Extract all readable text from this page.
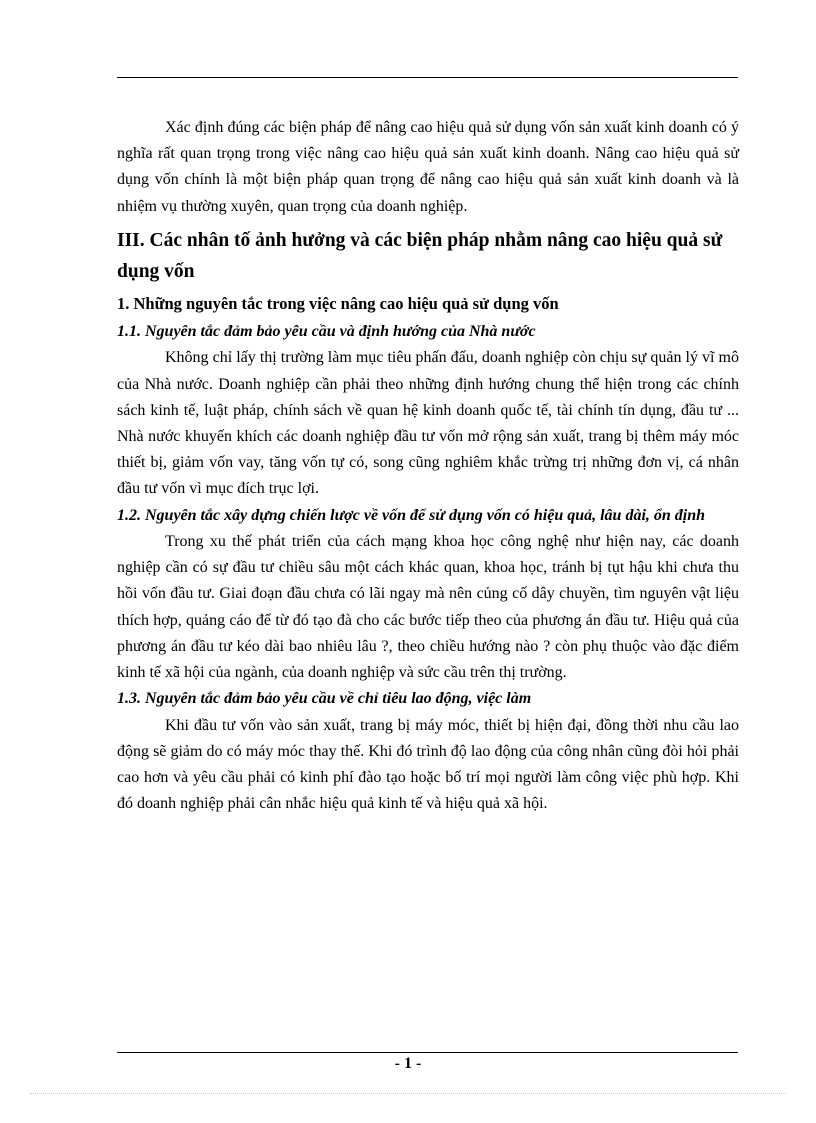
Xác định đúng các biện pháp để nâng cao hiệu quả sử dụng vốn sản xuất kinh doanh có ý nghĩa rất quan trọng trong việc nâng cao hiệu quả sản xuất kinh doanh. Nâng cao hiệu quả sử dụng vốn chính là một biện pháp quan trọng để nâng cao hiệu quả sản xuất kinh doanh và là nhiệm vụ thường xuyên, quan trọng của doanh nghiệp.

III. Các nhân tố ảnh hưởng và các biện pháp nhằm nâng cao hiệu quả sử dụng vốn
1. Những nguyên tắc trong việc nâng cao hiệu quả sử dụng vốn
1.1. Nguyên tắc đảm bảo yêu cầu và định hướng của Nhà nước

Không chỉ lấy thị trường làm mục tiêu phấn đấu, doanh nghiệp còn chịu sự quản lý vĩ mô của Nhà nước. Doanh nghiệp cần phải theo những định hướng chung thể hiện trong các chính sách kinh tế, luật pháp, chính sách về quan hệ kinh doanh quốc tế, tài chính tín dụng, đầu tư ... Nhà nước khuyến khích các doanh nghiệp đầu tư vốn mở rộng sản xuất, trang bị thêm máy móc thiết bị, giảm vốn vay, tăng vốn tự có, song cũng nghiêm khắc trừng trị những đơn vị, cá nhân đầu tư vốn vì mục đích trục lợi.

1.2. Nguyên tắc xây dựng chiến lược về vốn để sử dụng vốn có hiệu quả, lâu dài, ổn định

Trong xu thế phát triển của cách mạng khoa học công nghệ như hiện nay, các doanh nghiệp cần có sự đầu tư chiều sâu một cách khác quan, khoa học, tránh bị tụt hậu khi chưa thu hồi vốn đầu tư. Giai đoạn đầu chưa có lãi ngay mà nên củng cố dây chuyền, tìm nguyên vật liệu thích hợp, quảng cáo để từ đó tạo đà cho các bước tiếp theo của phương án đầu tư. Hiệu quả của phương án đầu tư kéo dài bao nhiêu lâu ?, theo chiều hướng nào ? còn phụ thuộc vào đặc điểm kinh tế xã hội của ngành, của doanh nghiệp và sức cầu trên thị trường.

1.3. Nguyên tắc đảm bảo yêu cầu về chỉ tiêu lao động, việc làm

Khi đầu tư vốn vào sản xuất, trang bị máy móc, thiết bị hiện đại, đồng thời nhu cầu lao động sẽ giảm do có máy móc thay thế. Khi đó trình độ lao động của công nhân cũng đòi hỏi phải cao hơn và yêu cầu phải có kinh phí đào tạo hoặc bố trí mọi người làm công việc phù hợp. Khi đó doanh nghiệp phải cân nhắc hiệu quả kinh tế và hiệu quả xã hội.

- 1 -
